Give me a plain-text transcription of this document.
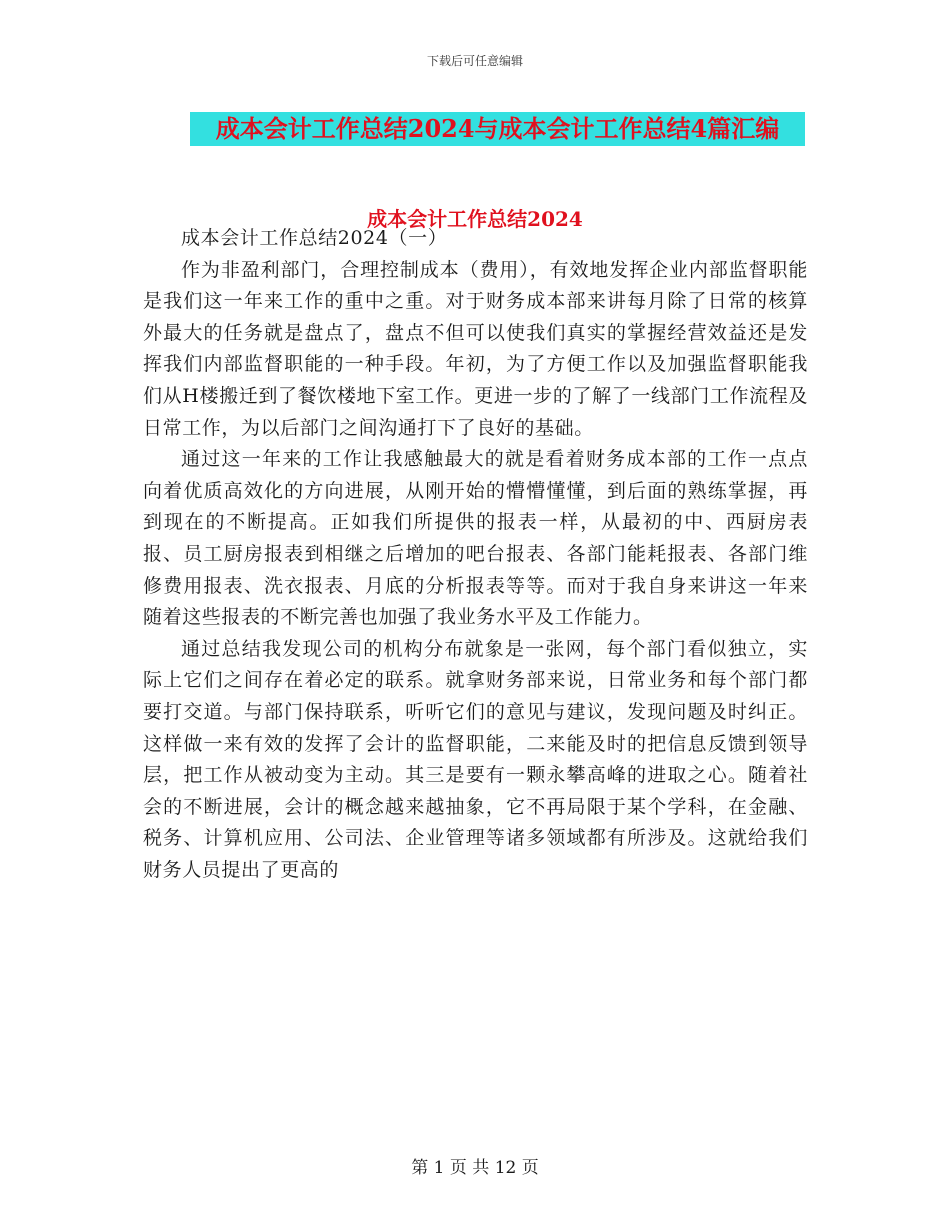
下载后可任意编辑
成本会计工作总结2024与成本会计工作总结4篇汇编
成本会计工作总结2024

成本会计工作总结2024（一）

作为非盈利部门，合理控制成本（费用），有效地发挥企业内部监督职能是我们这一年来工作的重中之重。对于财务成本部来讲每月除了日常的核算外最大的任务就是盘点了，盘点不但可以使我们真实的掌握经营效益还是发挥我们内部监督职能的一种手段。年初，为了方便工作以及加强监督职能我们从H楼搬迁到了餐饮楼地下室工作。更进一步的了解了一线部门工作流程及日常工作，为以后部门之间沟通打下了良好的基础。

通过这一年来的工作让我感触最大的就是看着财务成本部的工作一点点向着优质高效化的方向进展，从刚开始的懵懵懂懂，到后面的熟练掌握，再到现在的不断提高。正如我们所提供的报表一样，从最初的中、西厨房表报、员工厨房报表到相继之后增加的吧台报表、各部门能耗报表、各部门维修费用报表、洗衣报表、月底的分析报表等等。而对于我自身来讲这一年来随着这些报表的不断完善也加强了我业务水平及工作能力。

通过总结我发现公司的机构分布就象是一张网，每个部门看似独立，实际上它们之间存在着必定的联系。就拿财务部来说，日常业务和每个部门都要打交道。与部门保持联系，听听它们的意见与建议，发现问题及时纠正。这样做一来有效的发挥了会计的监督职能，二来能及时的把信息反馈到领导层，把工作从被动变为主动。其三是要有一颗永攀高峰的进取之心。随着社会的不断进展，会计的概念越来越抽象，它不再局限于某个学科，在金融、税务、计算机应用、公司法、企业管理等诸多领域都有所涉及。这就给我们财务人员提出了更高的

第 1 页 共 12 页
